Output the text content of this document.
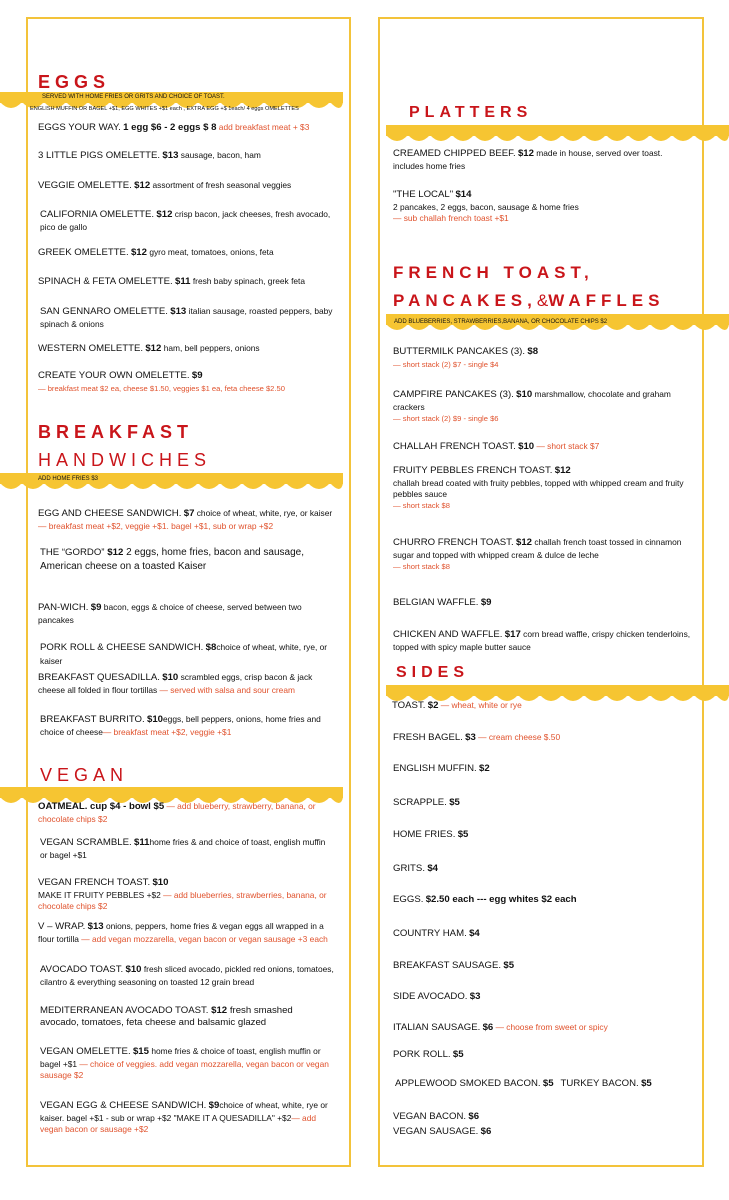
EGGS
SERVED WITH HOME FRIES OR GRITS AND CHOICE OF TOAST.
ENGLISH MUFFIN OR BAGEL +$1, EGG WHITES +$1 each , EXTRA EGG +$ 1each/ 4 eggs OMELETTES
EGGS YOUR WAY. 1 egg $6 - 2 eggs $ 8 add breakfast meat + $3
3 LITTLE PIGS OMELETTE. $13 sausage, bacon, ham
VEGGIE OMELETTE. $12 assortment of fresh seasonal veggies
CALIFORNIA OMELETTE. $12 crisp bacon, jack cheeses, fresh avocado, pico de gallo
GREEK OMELETTE. $12 gyro meat, tomatoes, onions, feta
SPINACH & FETA OMELETTE. $11 fresh baby spinach, greek feta
SAN GENNARO OMELETTE. $13 italian sausage, roasted peppers, baby spinach & onions
WESTERN OMELETTE. $12 ham, bell peppers, onions
CREATE YOUR OWN OMELETTE. $9
— breakfast meat $2 ea, cheese $1.50, veggies $1 ea, feta cheese $2.50
BREAKFAST
HANDWICHES
ADD HOME FRIES $3
EGG AND CHEESE SANDWICH. $7 choice of wheat, white, rye, or kaiser— breakfast meat +$2, veggie +$1. bagel +$1, sub or wrap +$2
THE “GORDO” $12 2 eggs, home fries, bacon and sausage, American cheese on a toasted Kaiser
PAN-WICH. $9 bacon, eggs & choice of cheese, served between two pancakes
PORK ROLL & CHEESE SANDWICH. $8choice of wheat, white, rye, or kaiser
BREAKFAST QUESADILLA. $10 scrambled eggs, crisp bacon & jack cheese all folded in flour tortillas — served with salsa and sour cream
BREAKFAST BURRITO. $10eggs, bell peppers, onions, home fries and choice of cheese— breakfast meat +$2, veggie +$1
VEGAN
OATMEAL. cup $4 - bowl $5 — add blueberry, strawberry, banana, or chocolate chips $2
VEGAN SCRAMBLE. $11home fries & and choice of toast, english muffin or bagel +$1
VEGAN FRENCH TOAST. $10
MAKE IT FRUITY PEBBLES +$2 — add blueberries, strawberries, banana, or chocolate chips $2
V – WRAP. $13 onions, peppers, home fries & vegan eggs all wrapped in a flour tortilla — add vegan mozzarella, vegan bacon or vegan sausage +3 each
AVOCADO TOAST. $10 fresh sliced avocado, pickled red onions, tomatoes, cilantro & everything seasoning on toasted 12 grain bread
MEDITERRANEAN AVOCADO TOAST. $12 fresh smashed avocado, tomatoes, feta cheese and balsamic glazed
VEGAN OMELETTE. $15 home fries & choice of toast, english muffin or bagel +$1 — choice of veggies. add vegan mozzarella, vegan bacon or vegan sausage $2
VEGAN EGG & CHEESE SANDWICH. $9choice of wheat, white, rye or kaiser. bagel +$1 - sub or wrap +$2 "MAKE IT A QUESADILLA" +$2— add vegan bacon or sausage +$2
PLATTERS
CREAMED CHIPPED BEEF. $12 made in house, served over toast. includes home fries
"THE LOCAL" $14
2 pancakes, 2 eggs, bacon, sausage & home fries
— sub challah french toast +$1
FRENCH TOAST,
PANCAKES,&WAFFLES
ADD BLUEBERRIES, STRAWBERRIES,BANANA, OR CHOCOLATE CHIPS $2
BUTTERMILK PANCAKES (3). $8
— short stack (2) $7 - single $4
CAMPFIRE PANCAKES (3). $10 marshmallow, chocolate and graham crackers
— short stack (2) $9 - single $6
CHALLAH FRENCH TOAST. $10 — short stack $7
FRUITY PEBBLES FRENCH TOAST. $12
challah bread coated with fruity pebbles, topped with whipped cream and fruity pebbles sauce
— short stack $8
CHURRO FRENCH TOAST. $12 challah french toast tossed in cinnamon sugar and topped with whipped cream & dulce de leche
— short stack $8
BELGIAN WAFFLE. $9
CHICKEN AND WAFFLE. $17 corn bread waffle, crispy chicken tenderloins, topped with spicy maple butter sauce
SIDES
TOAST. $2 — wheat, white or rye
FRESH BAGEL. $3 — cream cheese $.50
ENGLISH MUFFIN. $2
SCRAPPLE. $5
HOME FRIES. $5
GRITS. $4
EGGS. $2.50 each --- egg whites $2 each
COUNTRY HAM. $4
BREAKFAST SAUSAGE. $5
SIDE AVOCADO. $3
ITALIAN SAUSAGE. $6 — choose from sweet or spicy
PORK ROLL. $5
APPLEWOOD SMOKED BACON. $5 TURKEY BACON. $5
VEGAN BACON. $6
VEGAN SAUSAGE. $6
